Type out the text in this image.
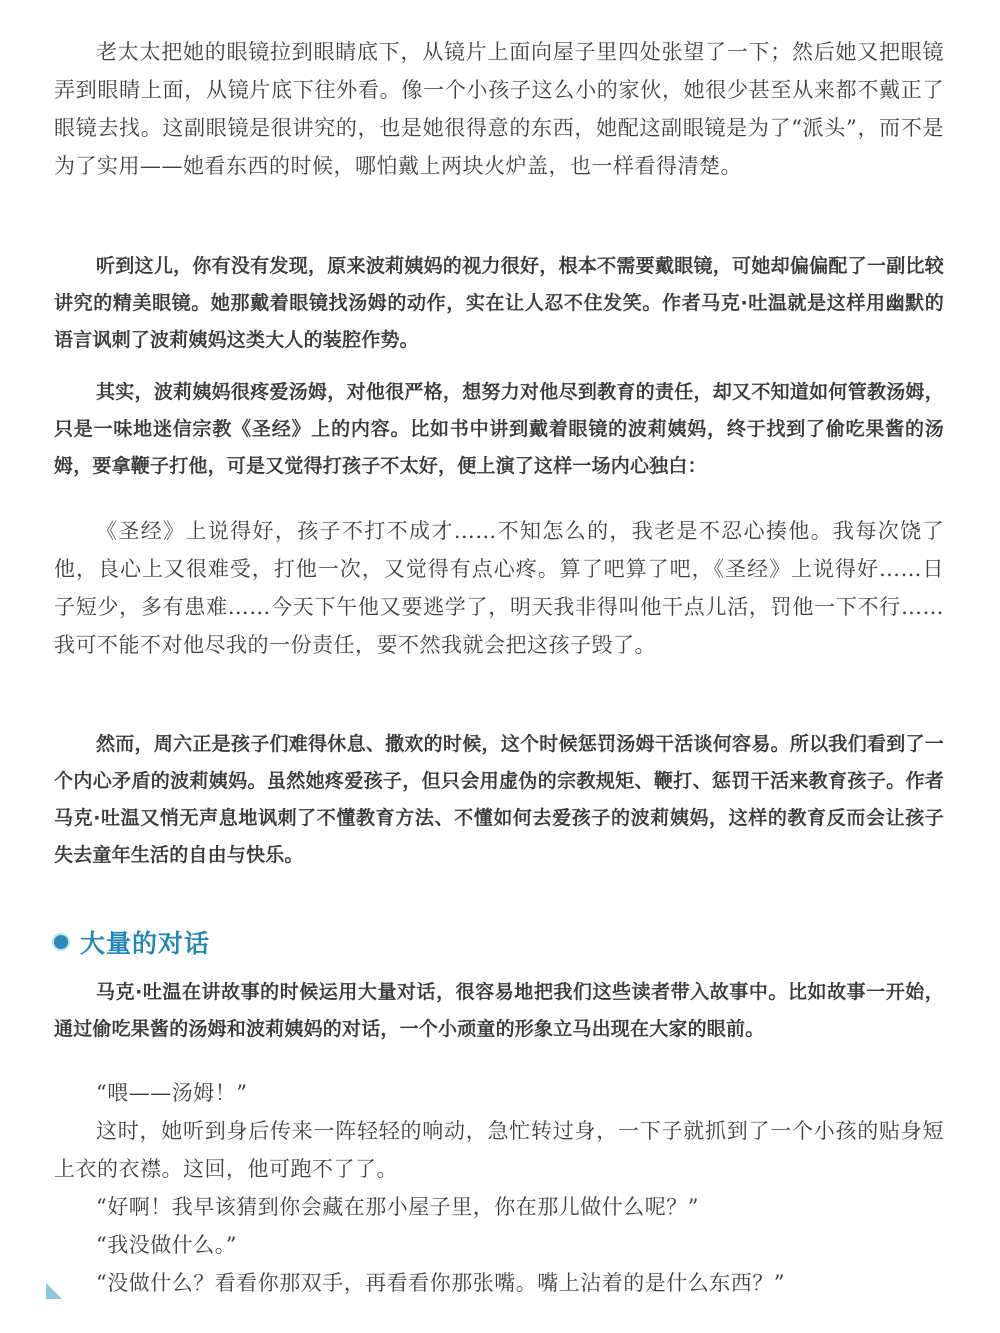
老太太把她的眼镜拉到眼睛底下，从镜片上面向屋子里四处张望了一下；然后她又把眼镜弄到眼睛上面，从镜片底下往外看。像一个小孩子这么小的家伙，她很少甚至从来都不戴正了眼镜去找。这副眼镜是很讲究的，也是她很得意的东西，她配这副眼镜是为了“派头”，而不是为了实用——她看东西的时候，哪怕戴上两块火炉盖，也一样看得清楚。

听到这儿，你有没有发现，原来波莉姨妈的视力很好，根本不需要戴眼镜，可她却偏偏配了一副比较讲究的精美眼镜。她那戴着眼镜找汤姆的动作，实在让人忍不住发笑。作者马克·吐温就是这样用幽默的语言讽刺了波莉姨妈这类大人的装腔作势。

其实，波莉姨妈很疼爱汤姆，对他很严格，想努力对他尽到教育的责任，却又不知道如何管教汤姆，只是一味地迷信宗教《圣经》上的内容。比如书中讲到戴着眼镜的波莉姨妈，终于找到了偷吃果酱的汤姆，要拿鞭子打他，可是又觉得打孩子不太好，便上演了这样一场内心独白：

《圣经》上说得好，孩子不打不成才……不知怎么的，我老是不忍心揍他。我每次饶了他，良心上又很难受，打他一次，又觉得有点心疼。算了吧算了吧，《圣经》上说得好……日子短少，多有患难……今天下午他又要逃学了，明天我非得叫他干点儿活，罚他一下不行……我可不能不对他尽我的一份责任，要不然我就会把这孩子毁了。

然而，周六正是孩子们难得休息、撒欢的时候，这个时候惩罚汤姆干活谈何容易。所以我们看到了一个内心矛盾的波莉姨妈。虽然她疼爱孩子，但只会用虚伪的宗教规矩、鞭打、惩罚干活来教育孩子。作者马克·吐温又悄无声息地讽刺了不懂教育方法、不懂如何去爱孩子的波莉姨妈，这样的教育反而会让孩子失去童年生活的自由与快乐。

大量的对话

马克·吐温在讲故事的时候运用大量对话，很容易地把我们这些读者带入故事中。比如故事一开始，通过偷吃果酱的汤姆和波莉姨妈的对话，一个小顽童的形象立马出现在大家的眼前。

“喂——汤姆！”

这时，她听到身后传来一阵轻轻的响动，急忙转过身，一下子就抓到了一个小孩的贴身短上衣的衣襟。这回，他可跑不了了。

“好啊！我早该猜到你会藏在那小屋子里，你在那儿做什么呢？”

“我没做什么。”

“没做什么？看看你那双手，再看看你那张嘴。嘴上沾着的是什么东西？”
